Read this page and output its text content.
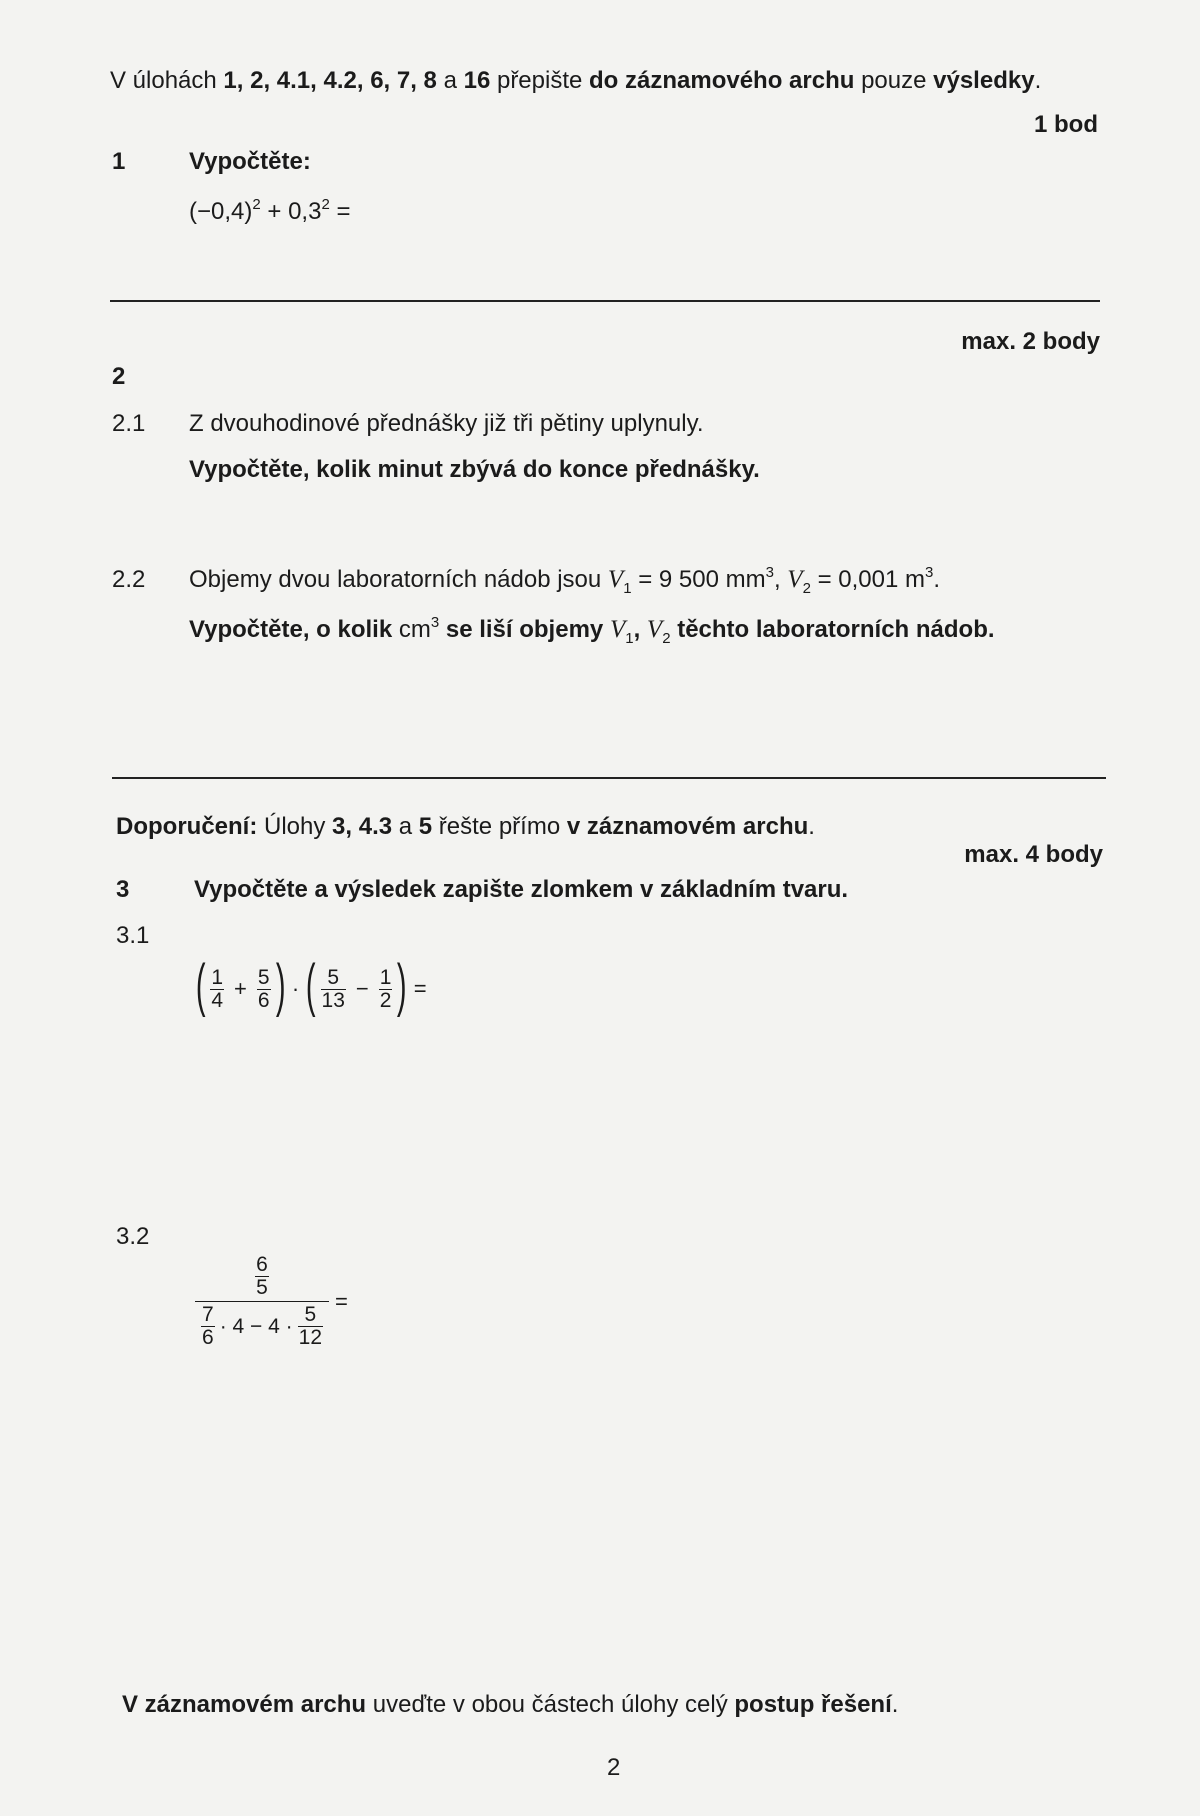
V úlohách 1, 2, 4.1, 4.2, 6, 7, 8 a 16 přepište do záznamového archu pouze výsledky .
1 bod
1	Vypočtěte:
(−0,4) 2 + 0,3 2 =
max. 2 body
2
2.1 Z dvouhodinové přednášky již tři pětiny uplynuly.
Vypočtěte, kolik minut zbývá do konce přednášky.
2.2 Objemy dvou laboratorních nádob jsou V 1 = 9 500 mm 3 , V 2 = 0,001 m 3 .
Vypočtěte, o kolik cm 3 se liší objemy V 1 , V 2 těchto laboratorních nádob.
Doporučení: Úlohy 3, 4.3 a 5 řešte přímo v záznamovém archu .
max. 4 body
3	Vypočtěte a výsledek zapište zlomkem v základním tvaru.
3.1
( $\frac{1}{4} + \frac{5}{6}$ ) · ( $\frac{5}{13} - \frac{1}{2}$ ) =
3.2
$\frac{6}{5}$
$\frac{7}{6} \cdot 4 - 4 \cdot \frac{5}{12}$
=
V záznamovém archu uveďte v obou částech úlohy celý postup řešení .
2
